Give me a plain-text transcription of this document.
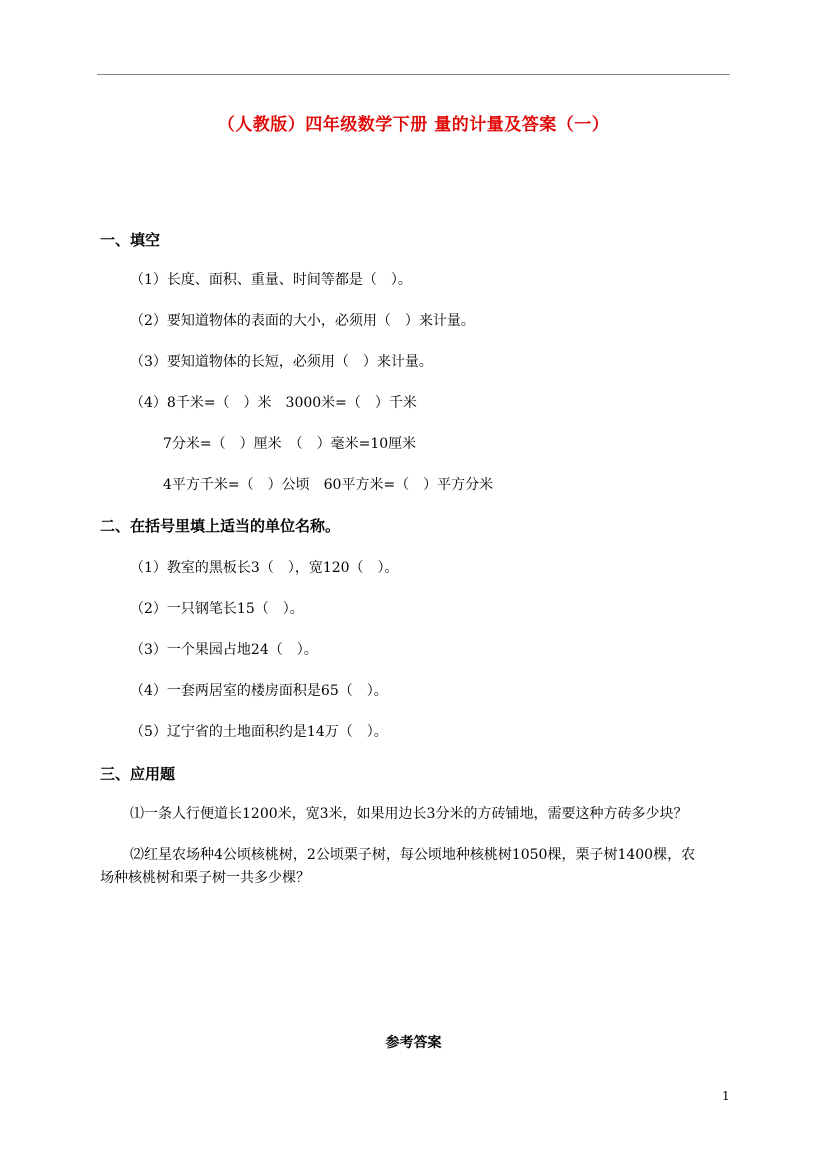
（人教版）四年级数学下册 量的计量及答案（一）
一、填空
（1）长度、面积、重量、时间等都是（　）。
（2）要知道物体的表面的大小，必须用（　）来计量。
（3）要知道物体的长短，必须用（　）来计量。
（4）8千米=（　）米　3000米=（　）千米
7分米=（　）厘米　（　）毫米=10厘米
4平方千米=（　）公顷　60平方米=（　）平方分米
二、在括号里填上适当的单位名称。
（1）教室的黑板长3（　），宽120（　）。
（2）一只钢笔长15（　）。
（3）一个果园占地24（　）。
（4）一套两居室的楼房面积是65（　）。
（5）辽宁省的土地面积约是14万（　）。
三、应用题
⑴一条人行便道长1200米，宽3米，如果用边长3分米的方砖铺地，需要这种方砖多少块？
⑵红星农场种4公顷核桃树，2公顷栗子树，每公顷地种核桃树1050棵，栗子树1400棵，农
场种核桃树和栗子树一共多少棵？
参考答案
1
